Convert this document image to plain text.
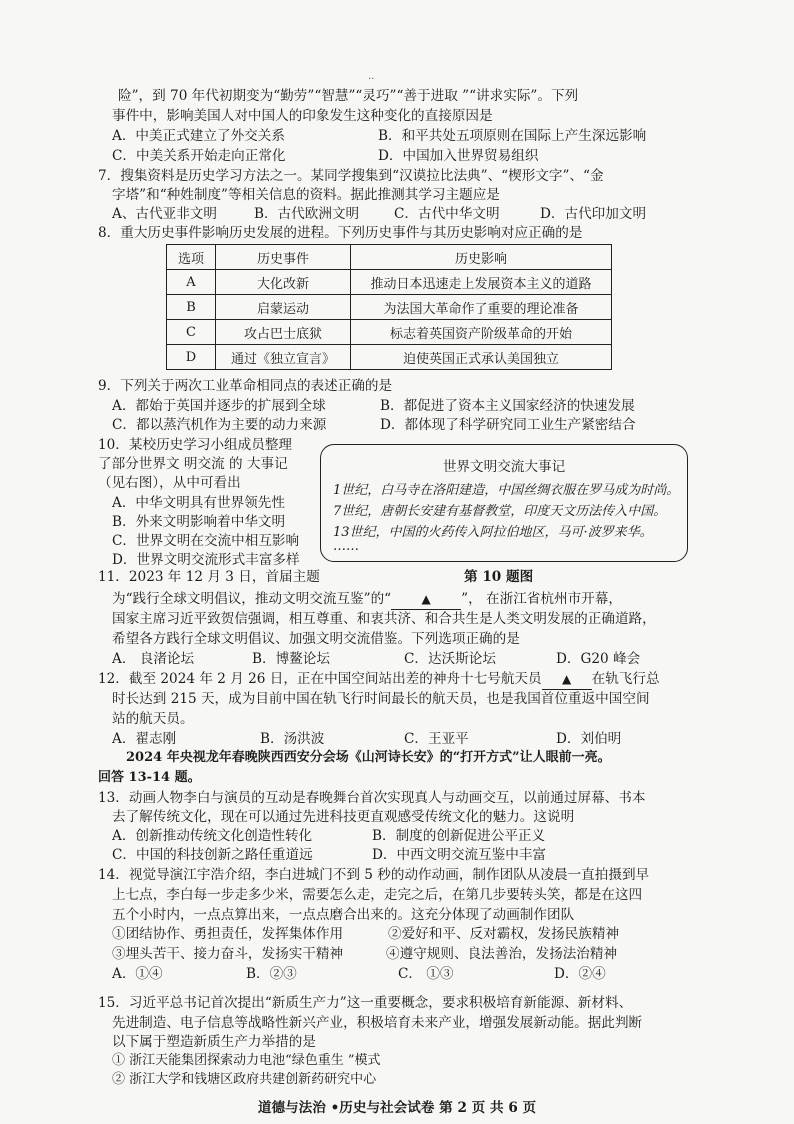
··
险”，到 70 年代初期变为“勤劳”“智慧”“灵巧”“善于进取 ”“讲求实际”。下列
事件中，影响美国人对中国人的印象发生这种变化的直接原因是
A．中美正式建立了外交关系	B．和平共处五项原则在国际上产生深远影响
C．中美关系开始走向正常化	D．中国加入世界贸易组织
7．搜集资料是历史学习方法之一。某同学搜集到“汉谟拉比法典”、“楔形文字”、“金
字塔”和“种姓制度”等相关信息的资料。据此推测其学习主题应是
A、古代亚非文明	B．古代欧洲文明	C．古代中华文明	D．古代印加文明
8．重大历史事件影响历史发展的进程。下列历史事件与其历史影响对应正确的是
选项	历史事件	历史影响
A	大化改新	推动日本迅速走上发展资本主义的道路
B	启蒙运动	为法国大革命作了重要的理论准备
C	攻占巴士底狱	标志着英国资产阶级革命的开始
D	通过《独立宣言》	迫使英国正式承认美国独立
9．下列关于两次工业革命相同点的表述正确的是
A．都始于英国并逐步的扩展到全球	B．都促进了资本主义国家经济的快速发展
C．都以蒸汽机作为主要的动力来源	D．都体现了科学研究同工业生产紧密结合
10．某校历史学习小组成员整理
了部分世界文 明交流 的 大事记
（见右图），从中可看出
A．中华文明具有世界领先性
B．外来文明影响着中华文明
C．世界文明在交流中相互影响
D．世界文明交流形式丰富多样
世界文明交流大事记
1世纪，白马寺在洛阳建造，中国丝绸衣服在罗马成为时尚。
7世纪，唐朝长安建有基督教堂，印度天文历法传入中国。
13世纪，中国的火药传入阿拉伯地区，马可·波罗来华。
……
第 10 题图
11．2023 年 12 月 3 日，首届主题
为“践行全球文明倡议，推动文明交流互鉴”的“	▲ ”， 在浙江省杭州市开幕，
国家主席习近平致贺信强调，相互尊重、和衷共济、和合共生是人类文明发展的正确道路，
希望各方践行全球文明倡议、加强文明交流借鉴。下列选项正确的是
A． 良渚论坛	B．博鳌论坛	C．达沃斯论坛	D．G20 峰会
12．截至 2024 年 2 月 26 日，正在中国空间站出差的神舟十七号航天员 ▲ 在轨飞行总
时长达到 215 天，成为目前中国在轨飞行时间最长的航天员，也是我国首位重返中国空间
站的航天员。
A．翟志刚	B．汤洪波	C．王亚平	D．刘伯明
2024 年央视龙年春晚陕西西安分会场《山河诗长安》的“打开方式”让人眼前一亮。
回答 13-14 题。
13．动画人物李白与演员的互动是春晚舞台首次实现真人与动画交互，以前通过屏幕、书本
去了解传统文化，现在可以通过先进科技更直观感受传统文化的魅力。这说明
A．创新推动传统文化创造性转化	B．制度的创新促进公平正义
C．中国的科技创新之路任重道远	D．中西文明交流互鉴中丰富
14．视觉导演江宇浩介绍，李白进城门不到 5 秒的动作动画，制作团队从凌晨一直拍摄到早
上七点，李白每一步走多少米，需要怎么走，走完之后，在第几步要转头笑，都是在这四
五个小时内，一点点算出来，一点点磨合出来的。这充分体现了动画制作团队
①团结协作、勇担责任，发挥集体作用	②爱好和平、反对霸权，发扬民族精神
③埋头苦干、接力奋斗，发扬实干精神	④遵守规则、良法善治，发扬法治精神
A．①④	B．②③	C． ①③	D．②④
15．习近平总书记首次提出“新质生产力”这一重要概念，要求积极培育新能源、新材料、
先进制造、电子信息等战略性新兴产业，积极培育未来产业，增强发展新动能。据此判断
以下属于塑造新质生产力举措的是
① 浙江天能集团探索动力电池“绿色重生 ”模式
② 浙江大学和钱塘区政府共建创新药研究中心
道德与法治 •历史与社会试卷 第 2 页 共 6 页
